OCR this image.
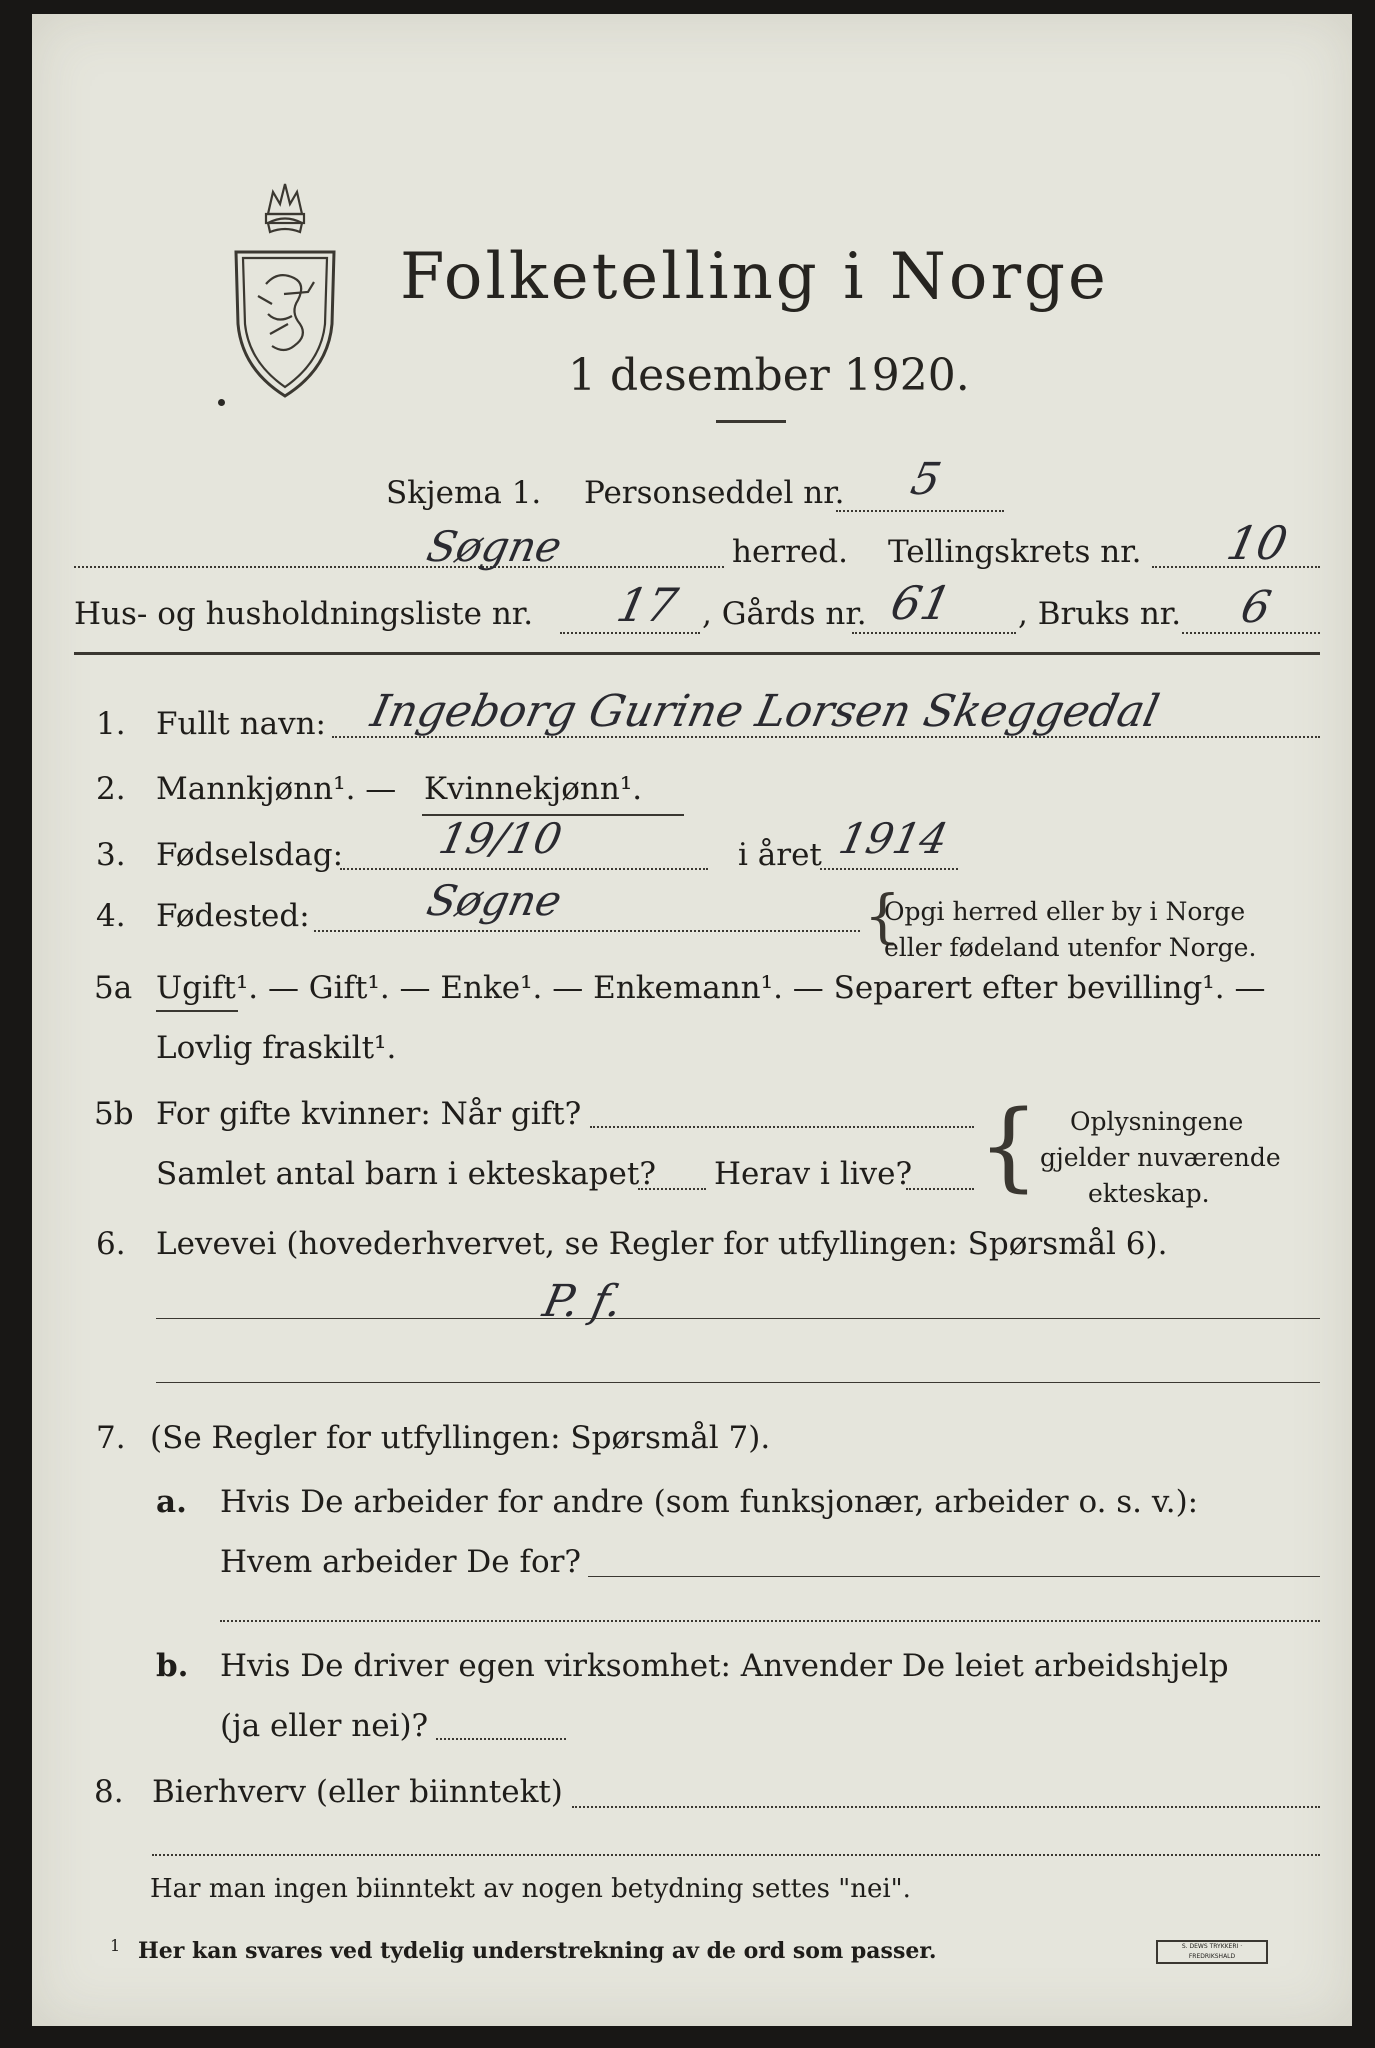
Folketelling i Norge
1 desember 1920.
Skjema 1. Personseddel nr. 5
Søgne	herred. Tellingskrets nr. 10
Hus- og husholdningsliste nr. 17 , Gårds nr. 61 , Bruks nr. 6
1. Fullt navn: Ingeborg Gurine Lorsen Skeggedal
2. Mannkjønn¹. — Kvinnekjønn¹.
3. Fødselsdag: 19/10	i året 1914
4. Fødested:	Søgne	{
Opgi herred eller by i Norge
eller fødeland utenfor Norge.
5a Ugift¹. — Gift¹. — Enke¹. — Enkemann¹. — Separert efter bevilling¹. —
Lovlig fraskilt¹.
5b For gifte kvinner: Når gift?
Samlet antal barn i ekteskapet? Herav i live? { Oplysningene
gjelder nuværende
ekteskap.
6. Levevei (hovederhvervet, se Regler for utfyllingen: Spørsmål 6).
P. f.
7. (Se Regler for utfyllingen: Spørsmål 7).
a. Hvis De arbeider for andre (som funksjonær, arbeider o. s. v.):
Hvem arbeider De for?
b. Hvis De driver egen virksomhet: Anvender De leiet arbeidshjelp
(ja eller nei)?
8. Bierhverv (eller biinntekt)
Har man ingen biinntekt av nogen betydning settes "nei".
1 Her kan svares ved tydelig understrekning av de ord som passer.	S. DEWS TRYKKERI · FREDRIKSHALD
